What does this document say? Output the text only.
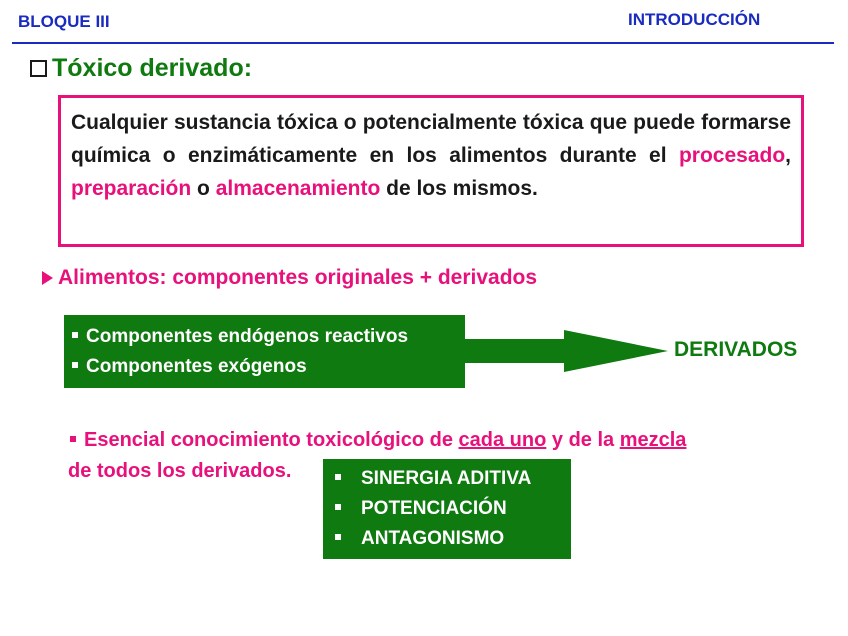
BLOQUE III	INTRODUCCIÓN
Tóxico derivado:
Cualquier sustancia tóxica o potencialmente tóxica que puede formarse química o enzimáticamente en los alimentos durante el procesado, preparación o almacenamiento de los mismos.
Alimentos: componentes originales + derivados
Componentes endógenos reactivos
Componentes exógenos
DERIVADOS
Esencial conocimiento toxicológico de cada uno y de la mezcla
de todos los derivados.	SINERGIA ADITIVA
POTENCIACIÓN
ANTAGONISMO
